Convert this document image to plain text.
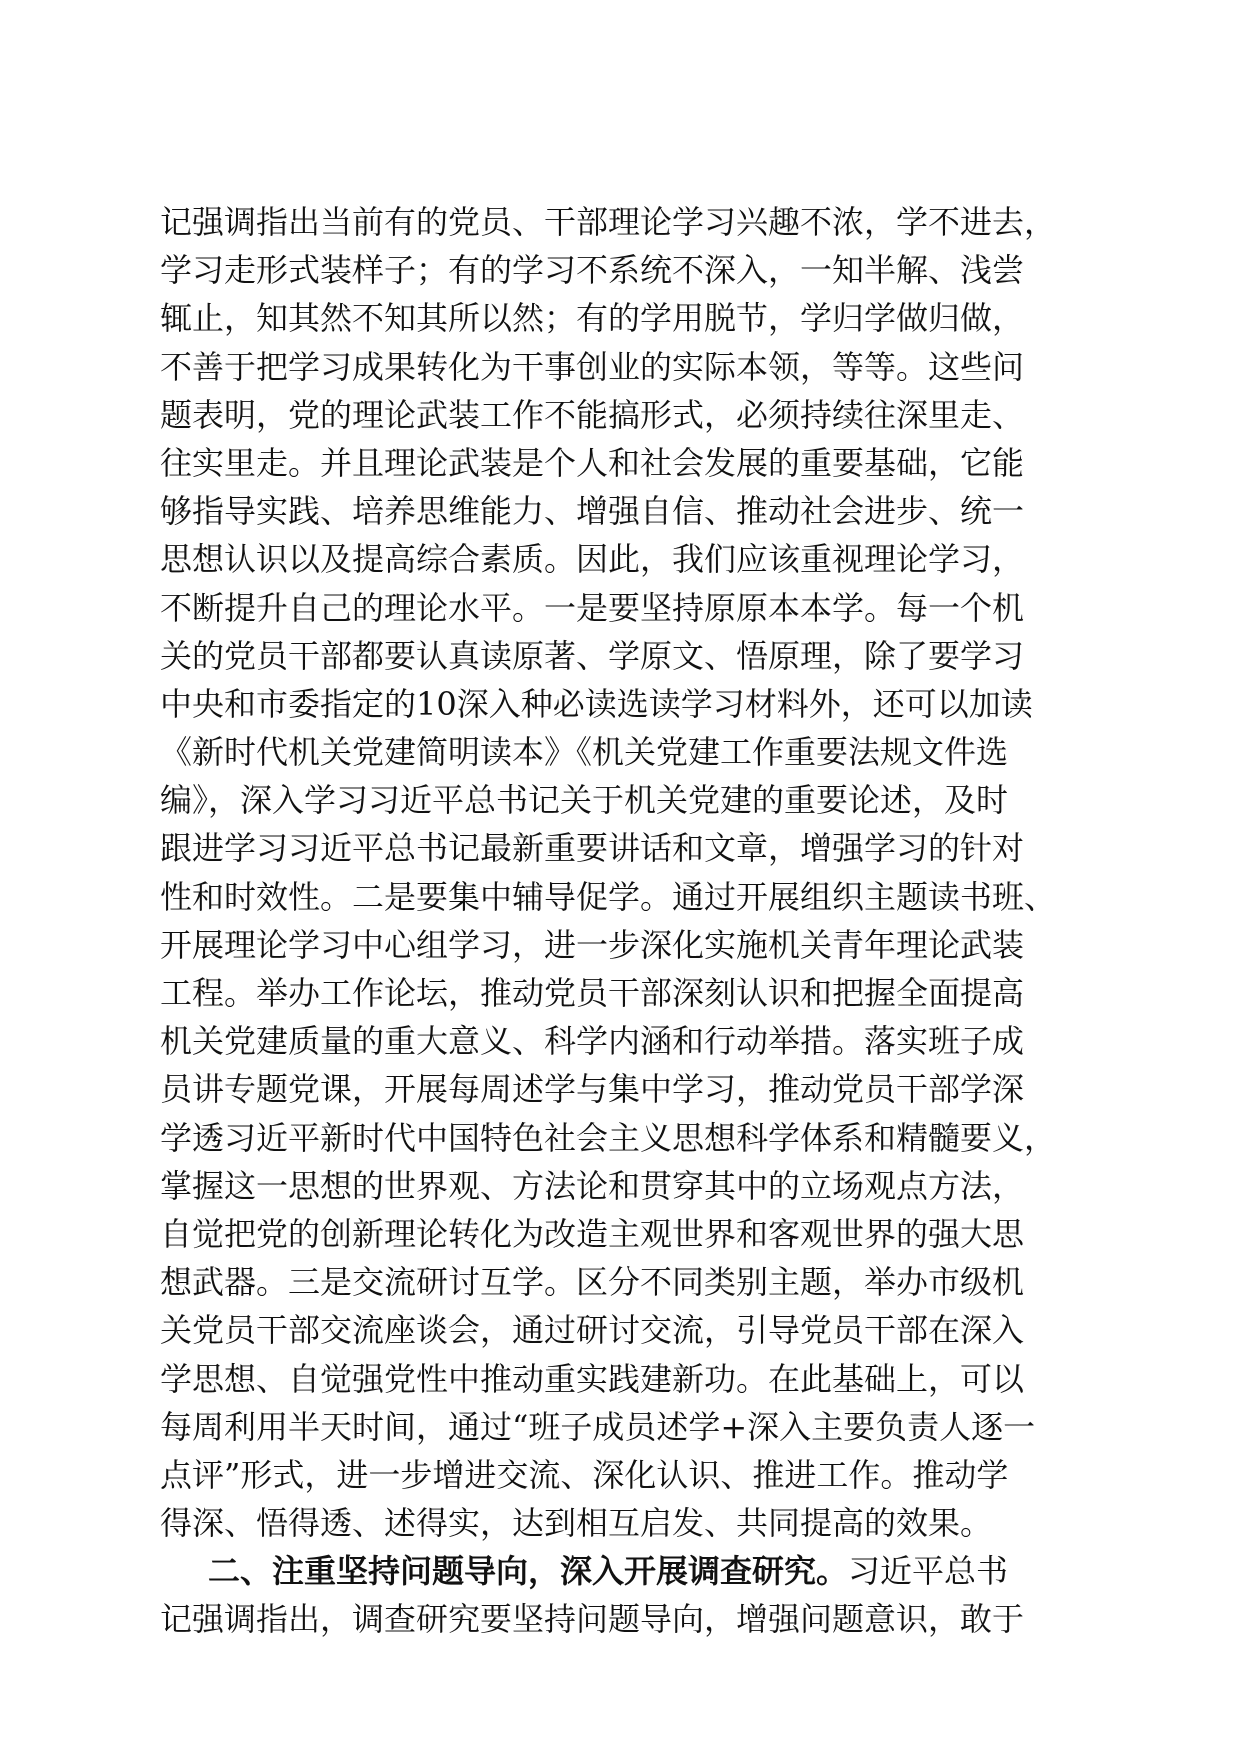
记强调指出当前有的党员、干部理论学习兴趣不浓，学不进去，
学习走形式装样子；有的学习不系统不深入，一知半解、浅尝
辄止，知其然不知其所以然；有的学用脱节，学归学做归做，
不善于把学习成果转化为干事创业的实际本领，等等。这些问
题表明，党的理论武装工作不能搞形式，必须持续往深里走、
往实里走。并且理论武装是个人和社会发展的重要基础，它能
够指导实践、培养思维能力、增强自信、推动社会进步、统一
思想认识以及提高综合素质。因此，我们应该重视理论学习，
不断提升自己的理论水平。一是要坚持原原本本学。每一个机
关的党员干部都要认真读原著、学原文、悟原理，除了要学习
中央和市委指定的10深入种必读选读学习材料外，还可以加读
《新时代机关党建简明读本》《机关党建工作重要法规文件选
编》，深入学习习近平总书记关于机关党建的重要论述，及时
跟进学习习近平总书记最新重要讲话和文章，增强学习的针对
性和时效性。二是要集中辅导促学。通过开展组织主题读书班、
开展理论学习中心组学习，进一步深化实施机关青年理论武装
工程。举办工作论坛，推动党员干部深刻认识和把握全面提高
机关党建质量的重大意义、科学内涵和行动举措。落实班子成
员讲专题党课，开展每周述学与集中学习，推动党员干部学深
学透习近平新时代中国特色社会主义思想科学体系和精髓要义，
掌握这一思想的世界观、方法论和贯穿其中的立场观点方法，
自觉把党的创新理论转化为改造主观世界和客观世界的强大思
想武器。三是交流研讨互学。区分不同类别主题，举办市级机
关党员干部交流座谈会，通过研讨交流，引导党员干部在深入
学思想、自觉强党性中推动重实践建新功。在此基础上，可以
每周利用半天时间，通过“班子成员述学+深入主要负责人逐一
点评”形式，进一步增进交流、深化认识、推进工作。推动学
得深、悟得透、述得实，达到相互启发、共同提高的效果。
二、注重坚持问题导向，深入开展调查研究。习近平总书
记强调指出，调查研究要坚持问题导向，增强问题意识，敢于
